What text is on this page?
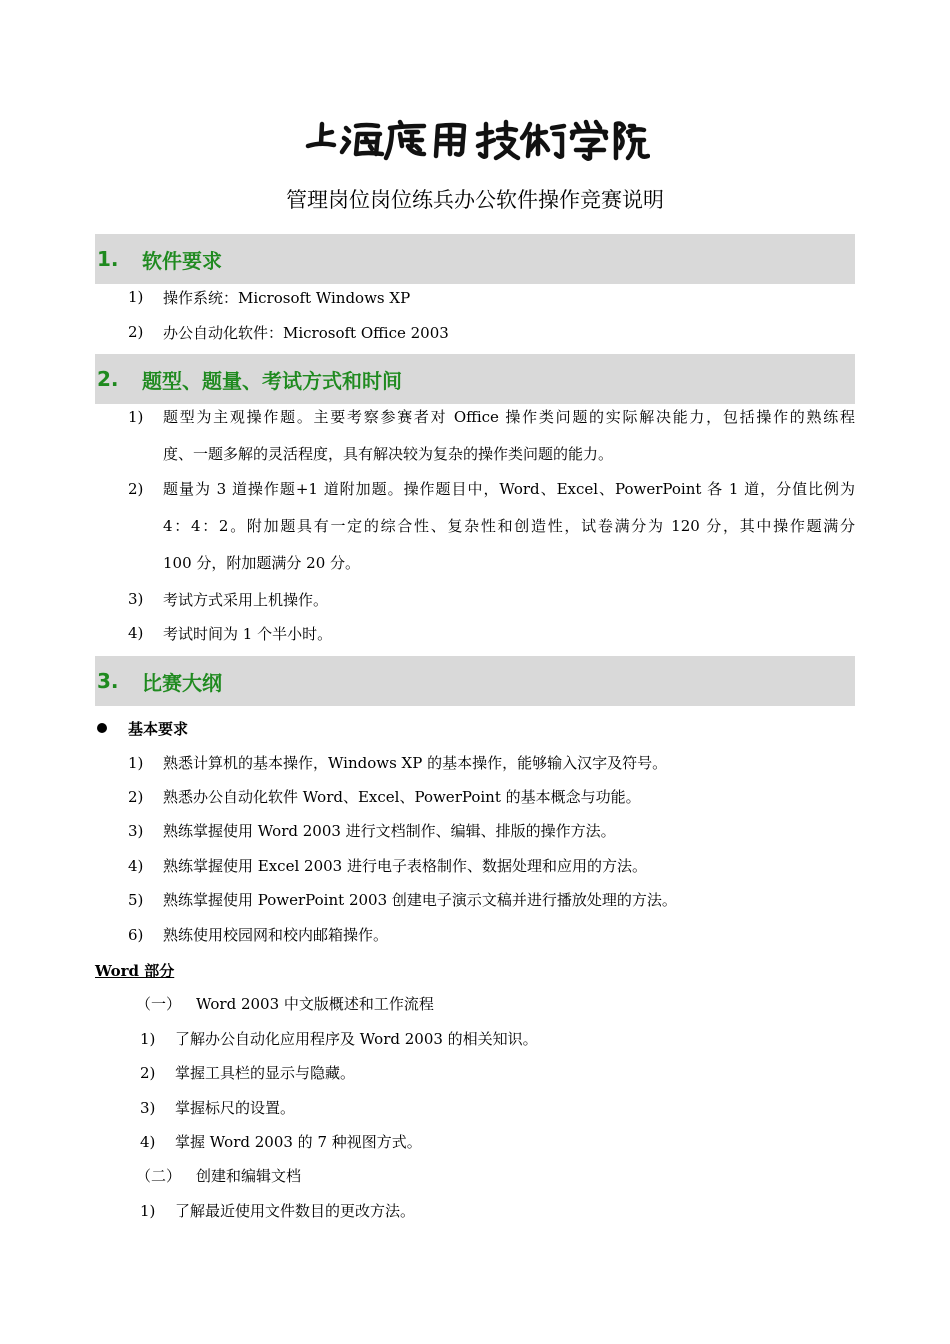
管理岗位岗位练兵办公软件操作竞赛说明
1.	软件要求
1) 操作系统：Microsoft Windows XP
2) 办公自动化软件：Microsoft Office 2003
2.	题型、题量、考试方式和时间
1) 题型为主观操作题。主要考察参赛者对 Office 操作类问题的实际解决能力，包括操作的熟练程
度、一题多解的灵活程度，具有解决较为复杂的操作类问题的能力。
2) 题量为 3 道操作题+1 道附加题。操作题目中，Word、Excel、PowerPoint 各 1 道，分值比例为
4：4：2。附加题具有一定的综合性、复杂性和创造性，试卷满分为 120 分，其中操作题满分
100 分，附加题满分 20 分。
3) 考试方式采用上机操作。
4) 考试时间为 1 个半小时。
3.	比赛大纲
基本要求
1) 熟悉计算机的基本操作，Windows XP 的基本操作，能够输入汉字及符号。
2) 熟悉办公自动化软件 Word、Excel、PowerPoint 的基本概念与功能。
3) 熟练掌握使用 Word 2003 进行文档制作、编辑、排版的操作方法。
4) 熟练掌握使用 Excel 2003 进行电子表格制作、数据处理和应用的方法。
5) 熟练掌握使用 PowerPoint 2003 创建电子演示文稿并进行播放处理的方法。
6) 熟练使用校园网和校内邮箱操作。
Word 部分
（一） Word 2003 中文版概述和工作流程
1) 了解办公自动化应用程序及 Word 2003 的相关知识。
2) 掌握工具栏的显示与隐藏。
3) 掌握标尺的设置。
4) 掌握 Word 2003 的 7 种视图方式。
（二） 创建和编辑文档
1) 了解最近使用文件数目的更改方法。
